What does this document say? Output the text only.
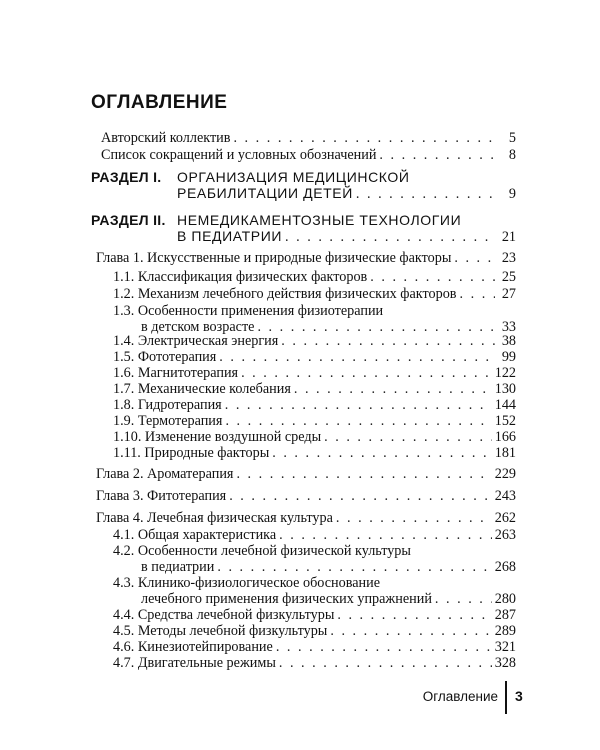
ОГЛАВЛЕНИЕ
Авторский коллектив . . .	5
Список сокращений и условных обозначений . . .	8
РАЗДЕЛ I. ОРГАНИЗАЦИЯ МЕДИЦИНСКОЙ
РЕАБИЛИТАЦИИ ДЕТЕЙ . . .	9
РАЗДЕЛ II. НЕМЕДИКАМЕНТОЗНЫЕ ТЕХНОЛОГИИ
В ПЕДИАТРИИ . . .	21
Глава 1. Искусственные и природные физические факторы . . .	23
1.1. Классификация физических факторов . . .	25
1.2. Механизм лечебного действия физических факторов . . .	27
1.3. Особенности применения физиотерапии
в детском возрасте . . .	33
1.4. Электрическая энергия . . .	38
1.5. Фототерапия . . .	99
1.6. Магнитотерапия . . .	122
1.7. Механические колебания . . .	130
1.8. Гидротерапия . . .	144
1.9. Термотерапия . . .	152
1.10. Изменение воздушной среды . . .	166
1.11. Природные факторы . . .	181
Глава 2. Ароматерапия . . .	229
Глава 3. Фитотерапия . . .	243
Глава 4. Лечебная физическая культура . . .	262
4.1. Общая характеристика . . .	263
4.2. Особенности лечебной физической культуры
в педиатрии . . .	268
4.3. Клинико-физиологическое обоснование
лечебного применения физических упражнений . . .	280
4.4. Средства лечебной физкультуры . . .	287
4.5. Методы лечебной физкультуры . . .	289
4.6. Кинезиотейпирование . . .	321
4.7. Двигательные режимы . . .	328
Оглавление 3
